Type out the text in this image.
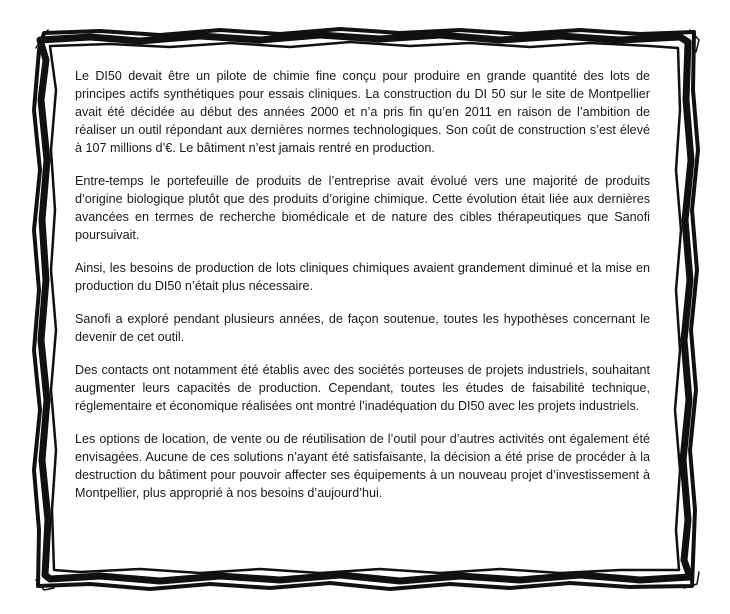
Le DI50 devait être un pilote de chimie fine conçu pour produire en grande quantité des lots de principes actifs synthétiques pour essais cliniques. La construction du DI 50 sur le site de Montpellier avait été décidée au début des années 2000 et n’a pris fin qu’en 2011 en raison de l’ambition de réaliser un outil répondant aux dernières normes technologiques. Son coût de construction s’est élevé à 107 millions d’€. Le bâtiment n’est jamais rentré en production.

Entre-temps le portefeuille de produits de l’entreprise avait évolué vers une majorité de produits d’origine biologique plutôt que des produits d’origine chimique. Cette évolution était liée aux dernières avancées en termes de recherche biomédicale et de nature des cibles thérapeutiques que Sanofi poursuivait.

Ainsi, les besoins de production de lots cliniques chimiques avaient grandement diminué et la mise en production du DI50 n’était plus nécessaire.

Sanofi a exploré pendant plusieurs années, de façon soutenue, toutes les hypothèses concernant le devenir de cet outil.

Des contacts ont notamment été établis avec des sociétés porteuses de projets industriels, souhaitant augmenter leurs capacités de production. Cependant, toutes les études de faisabilité technique, réglementaire et économique réalisées ont montré l’inadéquation du DI50 avec les projets industriels.

Les options de location, de vente ou de réutilisation de l’outil pour d’autres activités ont également été envisagées. Aucune de ces solutions n’ayant été satisfaisante, la décision a été prise de procéder à la destruction du bâtiment pour pouvoir affecter ses équipements à un nouveau projet d’investissement à Montpellier, plus approprié à nos besoins d’aujourd’hui.
